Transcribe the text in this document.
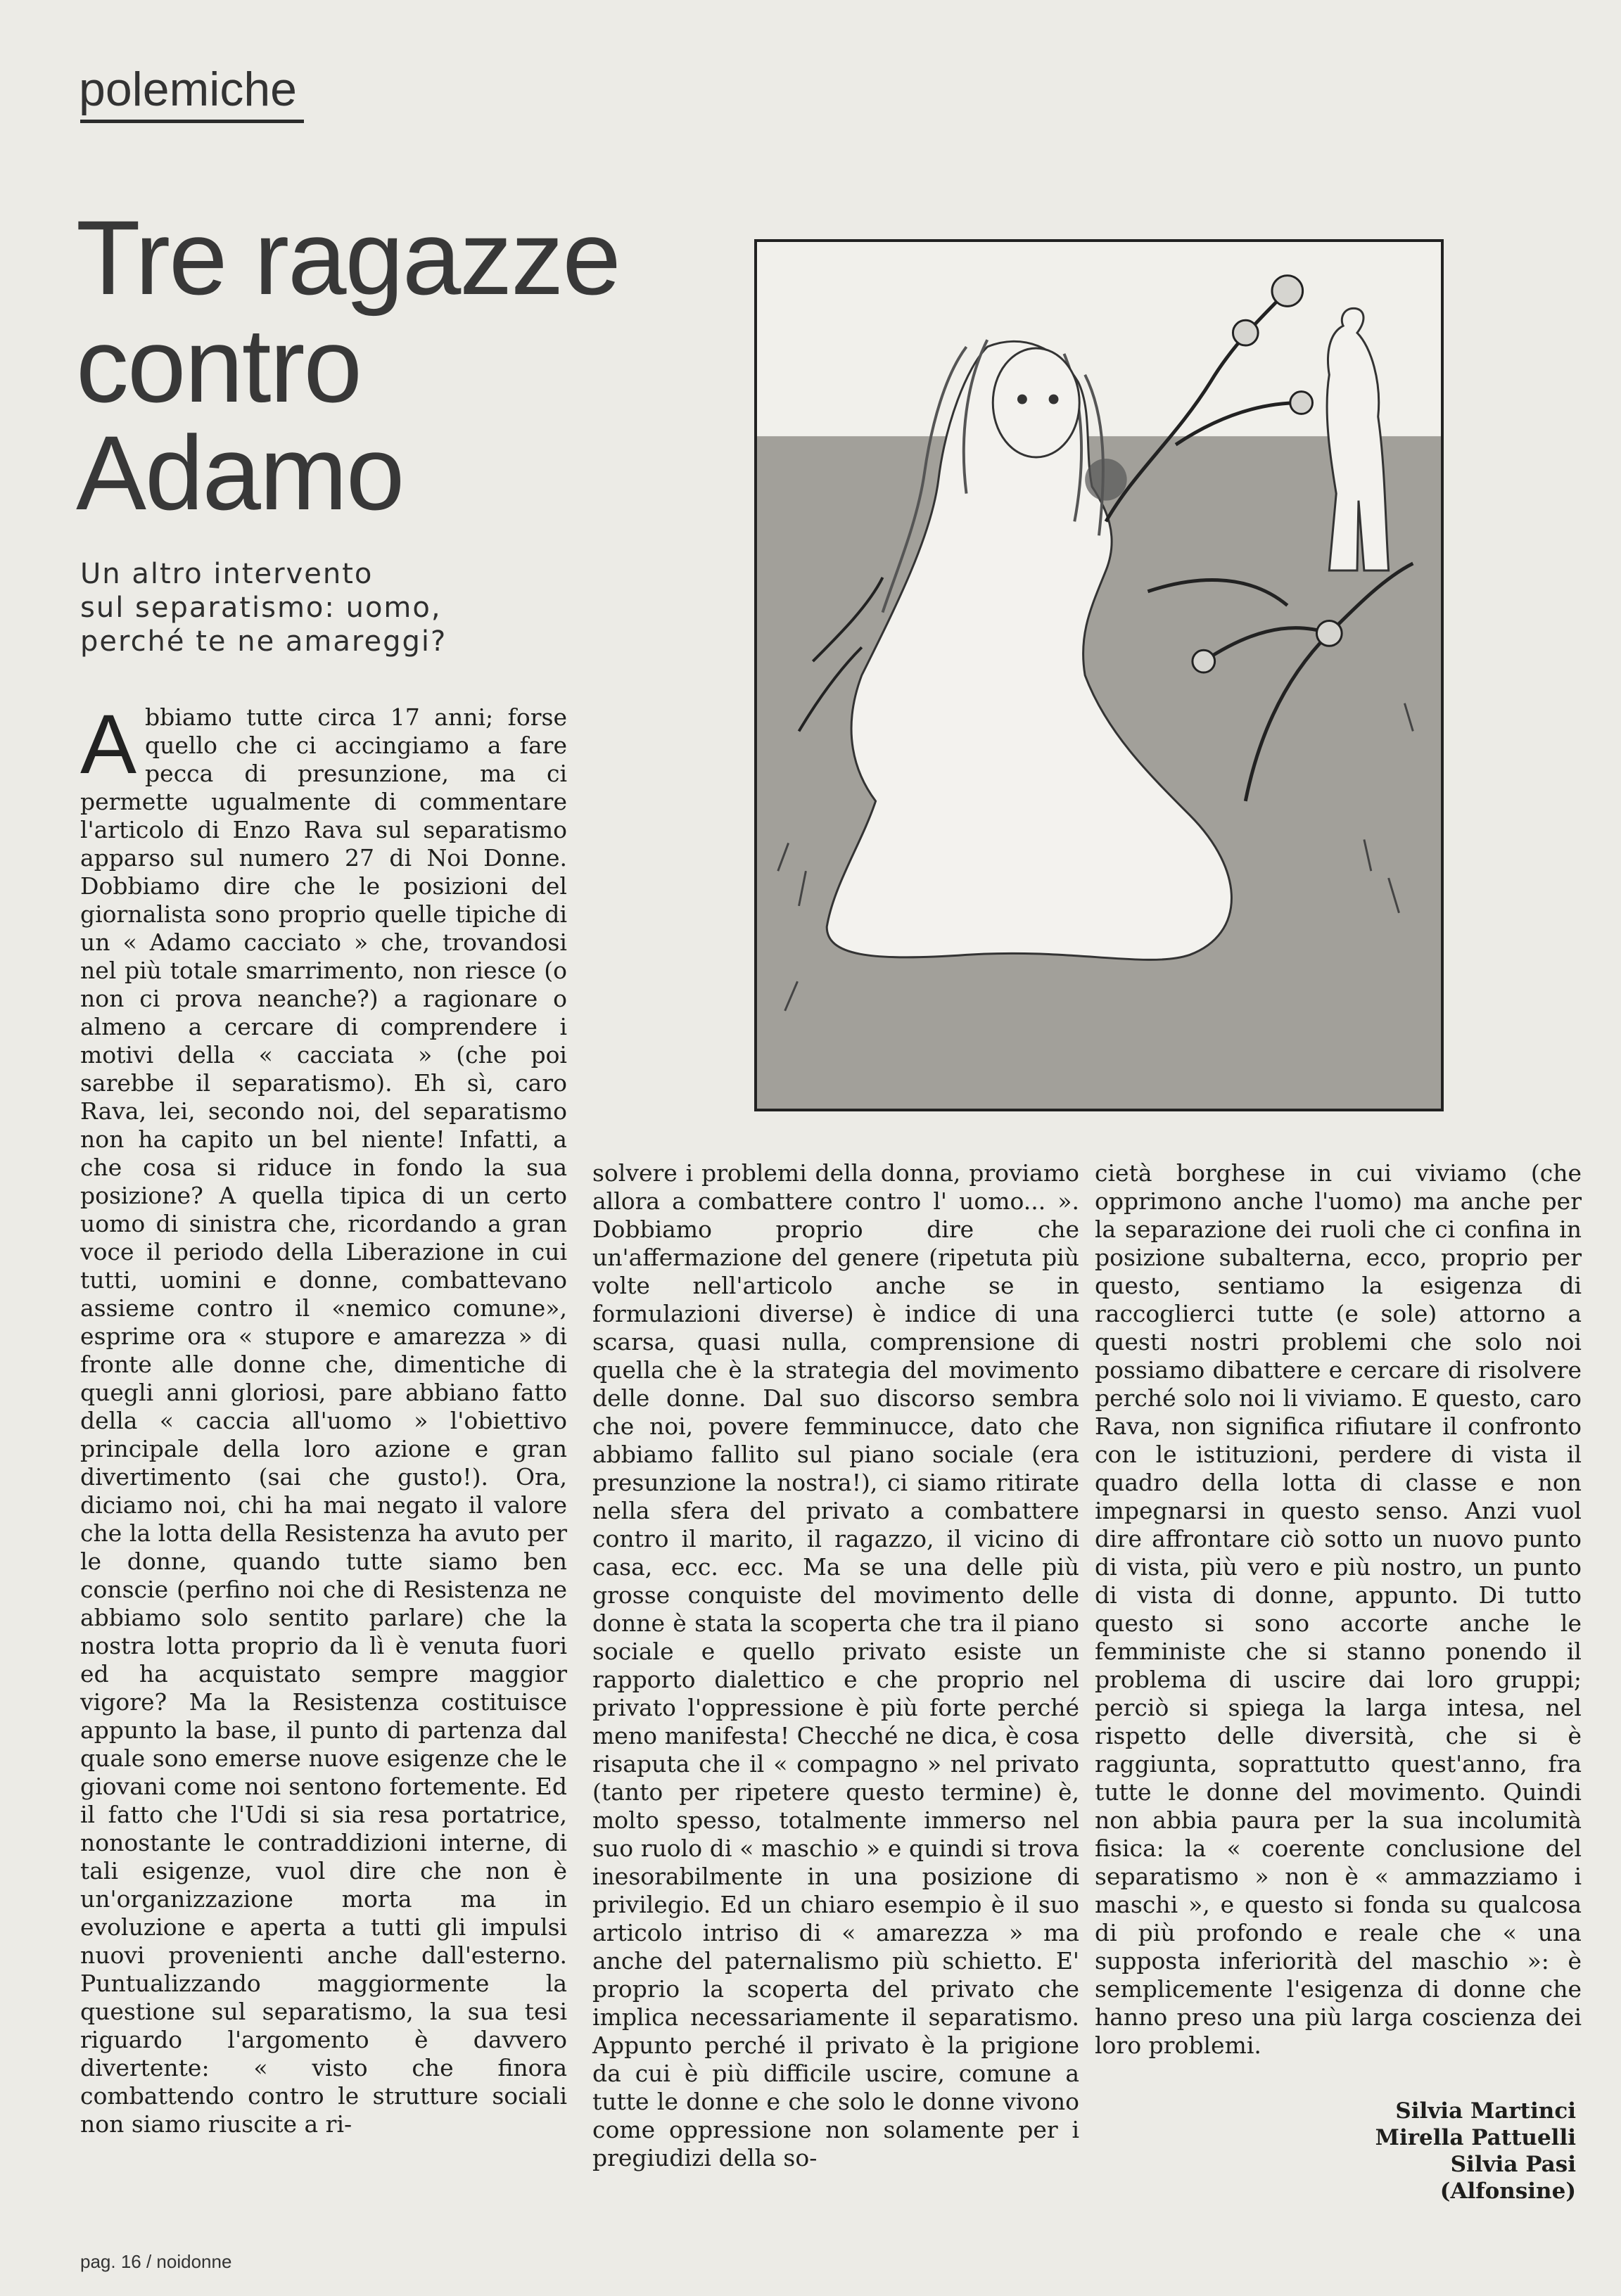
polemiche
Tre ragazze
contro
Adamo
Un altro intervento
sul separatismo: uomo,
perché te ne amareggi?
A bbiamo tutte circa 17 anni; forse quello che ci accingiamo a fare pecca di presunzione, ma ci permette ugualmente di commentare l'articolo di Enzo Rava sul separatismo apparso sul numero 27 di Noi Donne. Dobbiamo dire che le posizioni del giornalista sono proprio quelle tipiche di un « Adamo cacciato » che, trovandosi nel più totale smarrimento, non riesce (o non ci prova neanche?) a ragionare o almeno a cercare di comprendere i motivi della « cacciata » (che poi sarebbe il separatismo). Eh sì, caro Rava, lei, secondo noi, del separatismo non ha capito un bel niente! Infatti, a che cosa si riduce in fondo la sua posizione? A quella tipica di un certo uomo di sinistra che, ricordando a gran voce il periodo della Liberazione in cui tutti, uomini e donne, combattevano assieme contro il «nemico comune», esprime ora « stupore e amarezza » di fronte alle donne che, dimentiche di quegli anni gloriosi, pare abbiano fatto della « caccia all'uomo » l'obiettivo principale della loro azione e gran divertimento (sai che gusto!). Ora, diciamo noi, chi ha mai negato il valore che la lotta della Resistenza ha avuto per le donne, quando tutte siamo ben conscie (perfino noi che di Resistenza ne abbiamo solo sentito parlare) che la nostra lotta proprio da lì è venuta fuori ed ha acquistato sempre maggior vigore? Ma la Resistenza costituisce appunto la base, il punto di partenza dal quale sono emerse nuove esigenze che le giovani come noi sentono fortemente. Ed il fatto che l'Udi si sia resa portatrice, nonostante le contraddizioni interne, di tali esigenze, vuol dire che non è un'organizzazione morta ma in evoluzione e aperta a tutti gli impulsi nuovi provenienti anche dall'esterno. Puntualizzando maggiormente la questione sul separatismo, la sua tesi riguardo l'argomento è davvero divertente: « visto che finora combattendo contro le strutture sociali non siamo riuscite a ri-

solvere i problemi della donna, proviamo allora a combattere contro l' uomo... ». Dobbiamo proprio dire che un'affermazione del genere (ripetuta più volte nell'articolo anche se in formulazioni diverse) è indice di una scarsa, quasi nulla, comprensione di quella che è la strategia del movimento delle donne. Dal suo discorso sembra che noi, povere femminucce, dato che abbiamo fallito sul piano sociale (era presunzione la nostra!), ci siamo ritirate nella sfera del privato a combattere contro il marito, il ragazzo, il vicino di casa, ecc. ecc. Ma se una delle più grosse conquiste del movimento delle donne è stata la scoperta che tra il piano sociale e quello privato esiste un rapporto dialettico e che proprio nel privato l'oppressione è più forte perché meno manifesta! Checché ne dica, è cosa risaputa che il « compagno » nel privato (tanto per ripetere questo termine) è, molto spesso, totalmente immerso nel suo ruolo di « maschio » e quindi si trova inesorabilmente in una posizione di privilegio. Ed un chiaro esempio è il suo articolo intriso di « amarezza » ma anche del paternalismo più schietto. E' proprio la scoperta del privato che implica necessariamente il separatismo. Appunto perché il privato è la prigione da cui è più difficile uscire, comune a tutte le donne e che solo le donne vivono come oppressione non solamente per i pregiudizi della so-

cietà borghese in cui viviamo (che opprimono anche l'uomo) ma anche per la separazione dei ruoli che ci confina in posizione subalterna, ecco, proprio per questo, sentiamo la esigenza di raccoglierci tutte (e sole) attorno a questi nostri problemi che solo noi possiamo dibattere e cercare di risolvere perché solo noi li viviamo. E questo, caro Rava, non significa rifiutare il confronto con le istituzioni, perdere di vista il quadro della lotta di classe e non impegnarsi in questo senso. Anzi vuol dire affrontare ciò sotto un nuovo punto di vista, più vero e più nostro, un punto di vista di donne, appunto. Di tutto questo si sono accorte anche le femministe che si stanno ponendo il problema di uscire dai loro gruppi; perciò si spiega la larga intesa, nel rispetto delle diversità, che si è raggiunta, soprattutto quest'anno, fra tutte le donne del movimento. Quindi non abbia paura per la sua incolumità fisica: la « coerente conclusione del separatismo » non è « ammazziamo i maschi », e questo si fonda su qualcosa di più profondo e reale che « una supposta inferiorità del maschio »: è semplicemente l'esigenza di donne che hanno preso una più larga coscienza dei loro problemi.

Silvia Martinci
Mirella Pattuelli
Silvia Pasi
(Alfonsine)
pag. 16 / noidonne
